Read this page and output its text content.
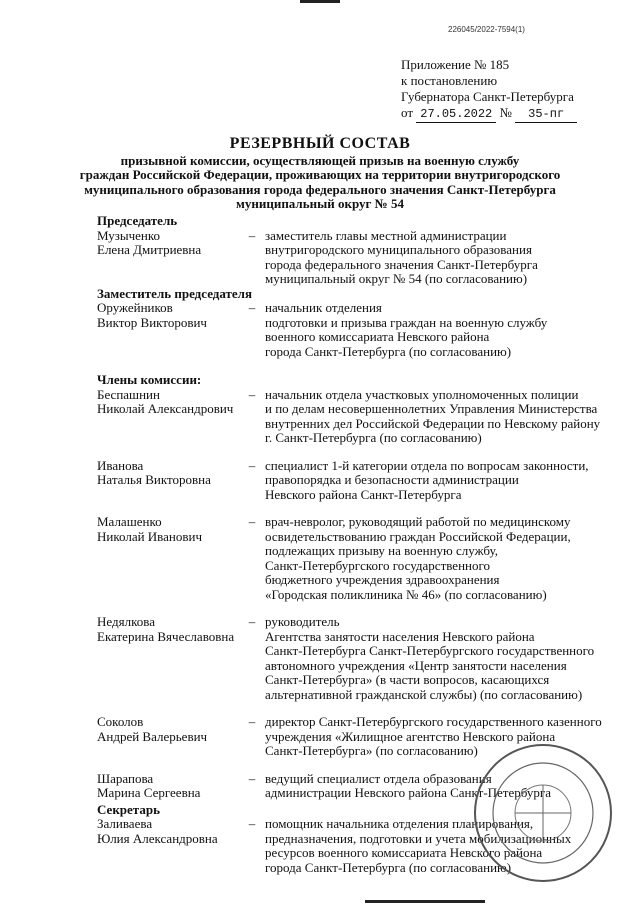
226045/2022-7594(1)
Приложение № 185
к постановлению
Губернатора Санкт-Петербурга
от 27.05.2022 № 35-пг
РЕЗЕРВНЫЙ СОСТАВ
призывной комиссии, осуществляющей призыв на военную службу
граждан Российской Федерации, проживающих на территории внутригородского
муниципального образования города федерального значения Санкт-Петербурга
муниципальный округ № 54
Председатель
Музыченко
Елена Дмитриевна
– заместитель главы местной администрации
внутригородского муниципального образования
города федерального значения Санкт-Петербурга
муниципальный округ № 54 (по согласованию)
Заместитель председателя
Оружейников
Виктор Викторович
– начальник отделения
подготовки и призыва граждан на военную службу
военного комиссариата Невского района
города Санкт-Петербурга (по согласованию)
Члены комиссии:
Беспашнин
Николай Александрович
– начальник отдела участковых уполномоченных полиции
и по делам несовершеннолетних Управления Министерства
внутренних дел Российской Федерации по Невскому району
г. Санкт-Петербурга (по согласованию)
Иванова
Наталья Викторовна
– специалист 1-й категории отдела по вопросам законности,
правопорядка и безопасности администрации
Невского района Санкт-Петербурга
Малашенко
Николай Иванович
– врач-невролог, руководящий работой по медицинскому
освидетельствованию граждан Российской Федерации,
подлежащих призыву на военную службу,
Санкт-Петербургского государственного
бюджетного учреждения здравоохранения
«Городская поликлиника № 46» (по согласованию)
Недялкова
Екатерина Вячеславовна
– руководитель
Агентства занятости населения Невского района
Санкт-Петербурга Санкт-Петербургского государственного
автономного учреждения «Центр занятости населения
Санкт-Петербурга» (в части вопросов, касающихся
альтернативной гражданской службы) (по согласованию)
Соколов
Андрей Валерьевич
– директор Санкт-Петербургского государственного казенного
учреждения «Жилищное агентство Невского района
Санкт-Петербурга» (по согласованию)
Шарапова
Марина Сергеевна
– ведущий специалист отдела образования
администрации Невского района Санкт-Петербурга
Секретарь
Заливаева
Юлия Александровна
– помощник начальника отделения планирования,
предназначения, подготовки и учета мобилизационных
ресурсов военного комиссариата Невского района
города Санкт-Петербурга (по согласованию)
